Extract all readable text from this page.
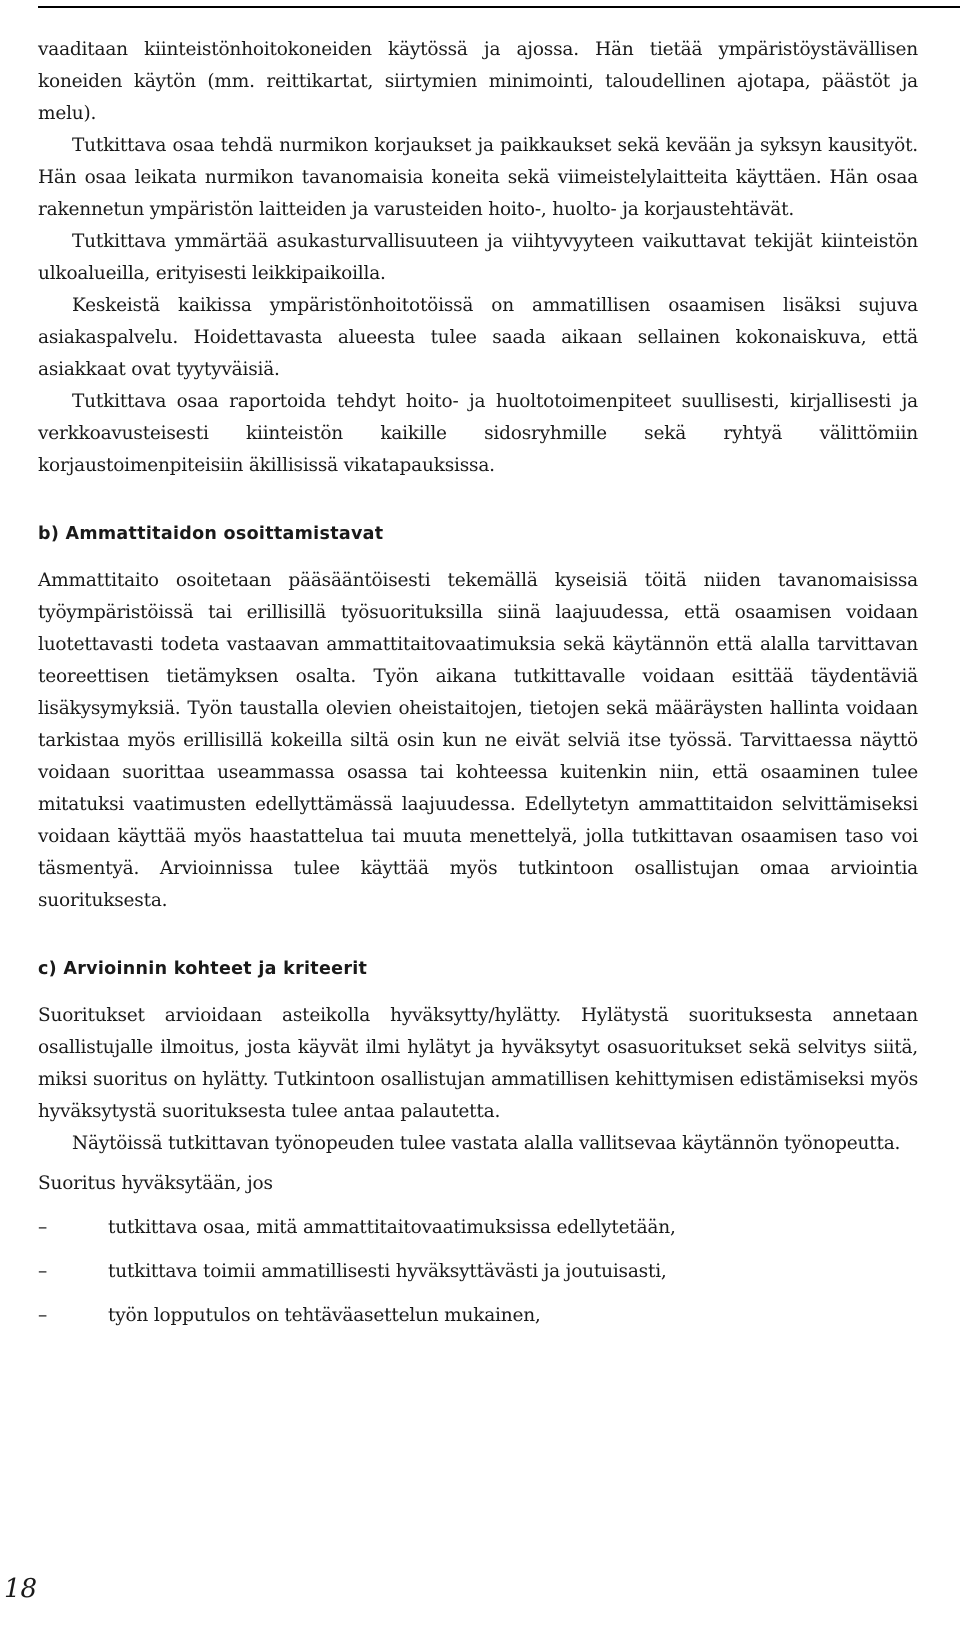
vaaditaan kiinteistönhoitokoneiden käytössä ja ajossa. Hän tietää ympäristöystävällisen koneiden käytön (mm. reittikartat, siirtymien minimointi, taloudellinen ajotapa, päästöt ja melu).

Tutkittava osaa tehdä nurmikon korjaukset ja paikkaukset sekä kevään ja syksyn kausityöt. Hän osaa leikata nurmikon tavanomaisia koneita sekä viimeistelylaitteita käyttäen. Hän osaa rakennetun ympäristön laitteiden ja varusteiden hoito-, huolto- ja korjaustehtävät.

Tutkittava ymmärtää asukasturvallisuuteen ja viihtyvyyteen vaikuttavat tekijät kiinteistön ulkoalueilla, erityisesti leikkipaikoilla.

Keskeistä kaikissa ympäristönhoitotöissä on ammatillisen osaamisen lisäksi sujuva asiakaspalvelu. Hoidettavasta alueesta tulee saada aikaan sellainen kokonaiskuva, että asiakkaat ovat tyytyväisiä.

Tutkittava osaa raportoida tehdyt hoito- ja huoltotoimenpiteet suullisesti, kirjallisesti ja verkkoavusteisesti kiinteistön kaikille sidosryhmille sekä ryhtyä välittömiin korjaustoimenpiteisiin äkillisissä vikatapauksissa.

b) Ammattitaidon osoittamistavat

Ammattitaito osoitetaan pääsääntöisesti tekemällä kyseisiä töitä niiden tavanomaisissa työympäristöissä tai erillisillä työsuorituksilla siinä laajuudessa, että osaamisen voidaan luotettavasti todeta vastaavan ammattitaitovaatimuksia sekä käytännön että alalla tarvittavan teoreettisen tietämyksen osalta. Työn aikana tutkittavalle voidaan esittää täydentäviä lisäkysymyksiä. Työn taustalla olevien oheistaitojen, tietojen sekä määräysten hallinta voidaan tarkistaa myös erillisillä kokeilla siltä osin kun ne eivät selviä itse työssä. Tarvittaessa näyttö voidaan suorittaa useammassa osassa tai kohteessa kuitenkin niin, että osaaminen tulee mitatuksi vaatimusten edellyttämässä laajuudessa. Edellytetyn ammattitaidon selvittämiseksi voidaan käyttää myös haastattelua tai muuta menettelyä, jolla tutkittavan osaamisen taso voi täsmentyä. Arvioinnissa tulee käyttää myös tutkintoon osallistujan omaa arviointia suorituksesta.

c) Arvioinnin kohteet ja kriteerit

Suoritukset arvioidaan asteikolla hyväksytty/hylätty. Hylätystä suorituksesta annetaan osallistujalle ilmoitus, josta käyvät ilmi hylätyt ja hyväksytyt osasuoritukset sekä selvitys siitä, miksi suoritus on hylätty. Tutkintoon osallistujan ammatillisen kehittymisen edistämiseksi myös hyväksytystä suorituksesta tulee antaa palautetta.

Näytöissä tutkittavan työnopeuden tulee vastata alalla vallitsevaa käytännön työnopeutta.

Suoritus hyväksytään, jos

–	tutkittava osaa, mitä ammattitaitovaatimuksissa edellytetään,
–	tutkittava toimii ammatillisesti hyväksyttävästi ja joutuisasti,
–	työn lopputulos on tehtäväasettelun mukainen,
18
